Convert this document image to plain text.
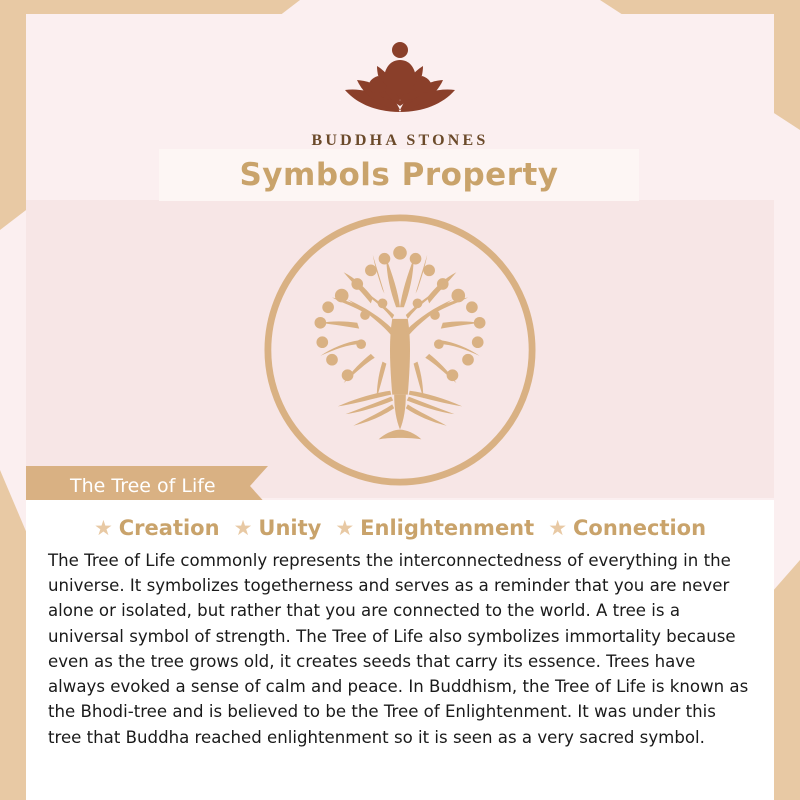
BUDDHA STONES
Symbols Property
The Tree of Life
★ Creation ★ Unity ★ Enlightenment ★ Connection

The Tree of Life commonly represents the interconnectedness of everything in the universe. It symbolizes togetherness and serves as a reminder that you are never alone or isolated, but rather that you are connected to the world. A tree is a universal symbol of strength. The Tree of Life also symbolizes immortality because even as the tree grows old, it creates seeds that carry its essence. Trees have always evoked a sense of calm and peace. In Buddhism, the Tree of Life is known as the Bhodi-tree and is believed to be the Tree of Enlightenment. It was under this tree that Buddha reached enlightenment so it is seen as a very sacred symbol.
